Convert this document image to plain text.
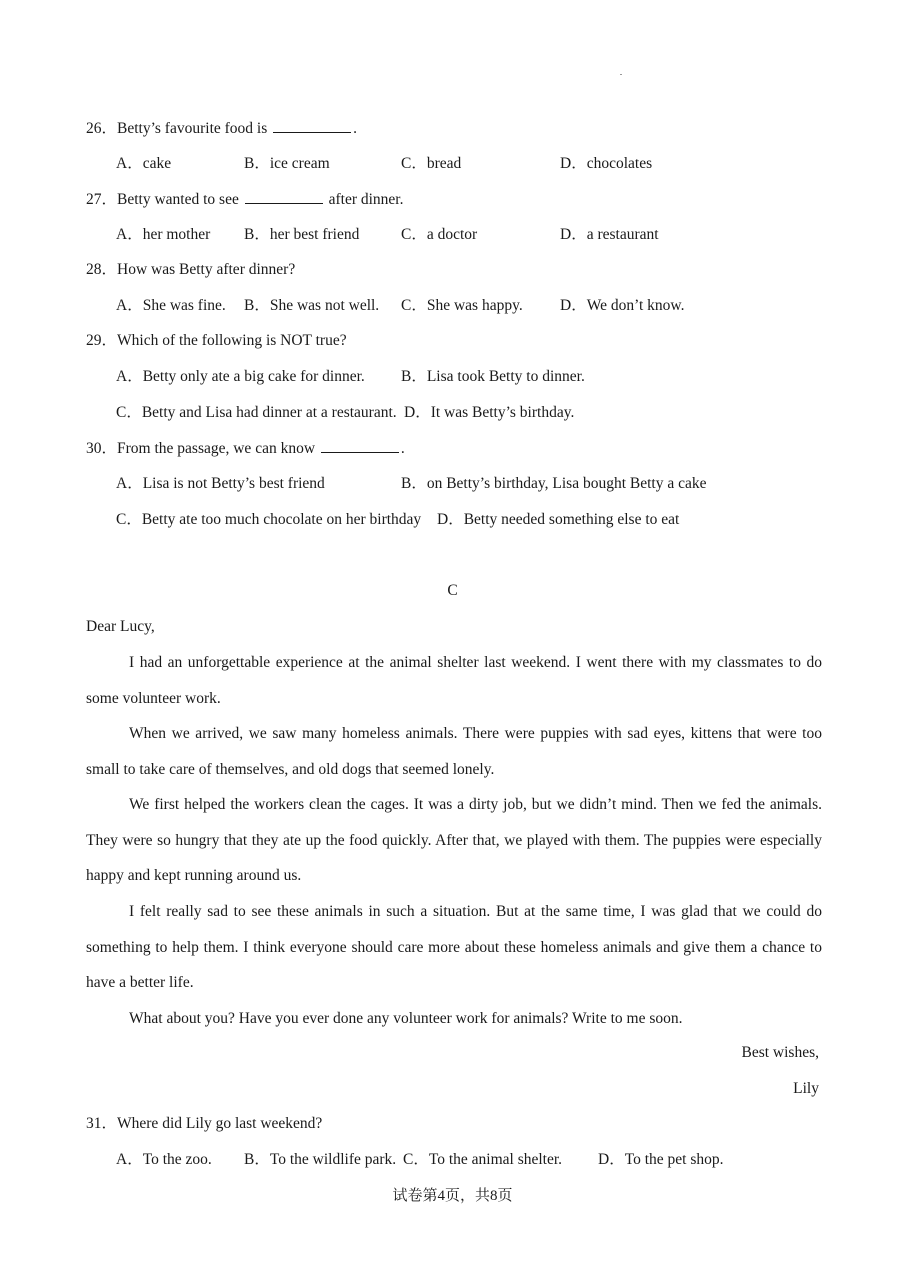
26．Betty’s favourite food is	.
A．cake	B．ice cream	C．bread	D．chocolates
27．Betty wanted to see	after dinner.
A．her mother B．her best friend	C．a doctor	D．a restaurant
28．How was Betty after dinner?
A．She was fine. B．She was not well. C．She was happy. D．We don’t know.
29．Which of the following is NOT true?
A．Betty only ate a big cake for dinner. B．Lisa took Betty to dinner.
C．Betty and Lisa had dinner at a restaurant. D．It was Betty’s birthday.
30．From the passage, we can know	.
A．Lisa is not Betty’s best friend	B．on Betty’s birthday, Lisa bought Betty a cake
C．Betty ate too much chocolate on her birthday D．Betty needed something else to eat
C
Dear Lucy,
I had an unforgettable experience at the animal shelter last weekend. I went there with my classmates to do some volunteer work.
When we arrived, we saw many homeless animals. There were puppies with sad eyes, kittens that were too small to take care of themselves, and old dogs that seemed lonely.
We first helped the workers clean the cages. It was a dirty job, but we didn’t mind. Then we fed the animals. They were so hungry that they ate up the food quickly. After that, we played with them. The puppies were especially happy and kept running around us.
I felt really sad to see these animals in such a situation. But at the same time, I was glad that we could do something to help them. I think everyone should care more about these homeless animals and give them a chance to have a better life.
What about you? Have you ever done any volunteer work for animals? Write to me soon.
Best wishes,
Lily
31．Where did Lily go last weekend?
A．To the zoo. B．To the wildlife park. C．To the animal shelter. D．To the pet shop.
试卷第4页，共8页
